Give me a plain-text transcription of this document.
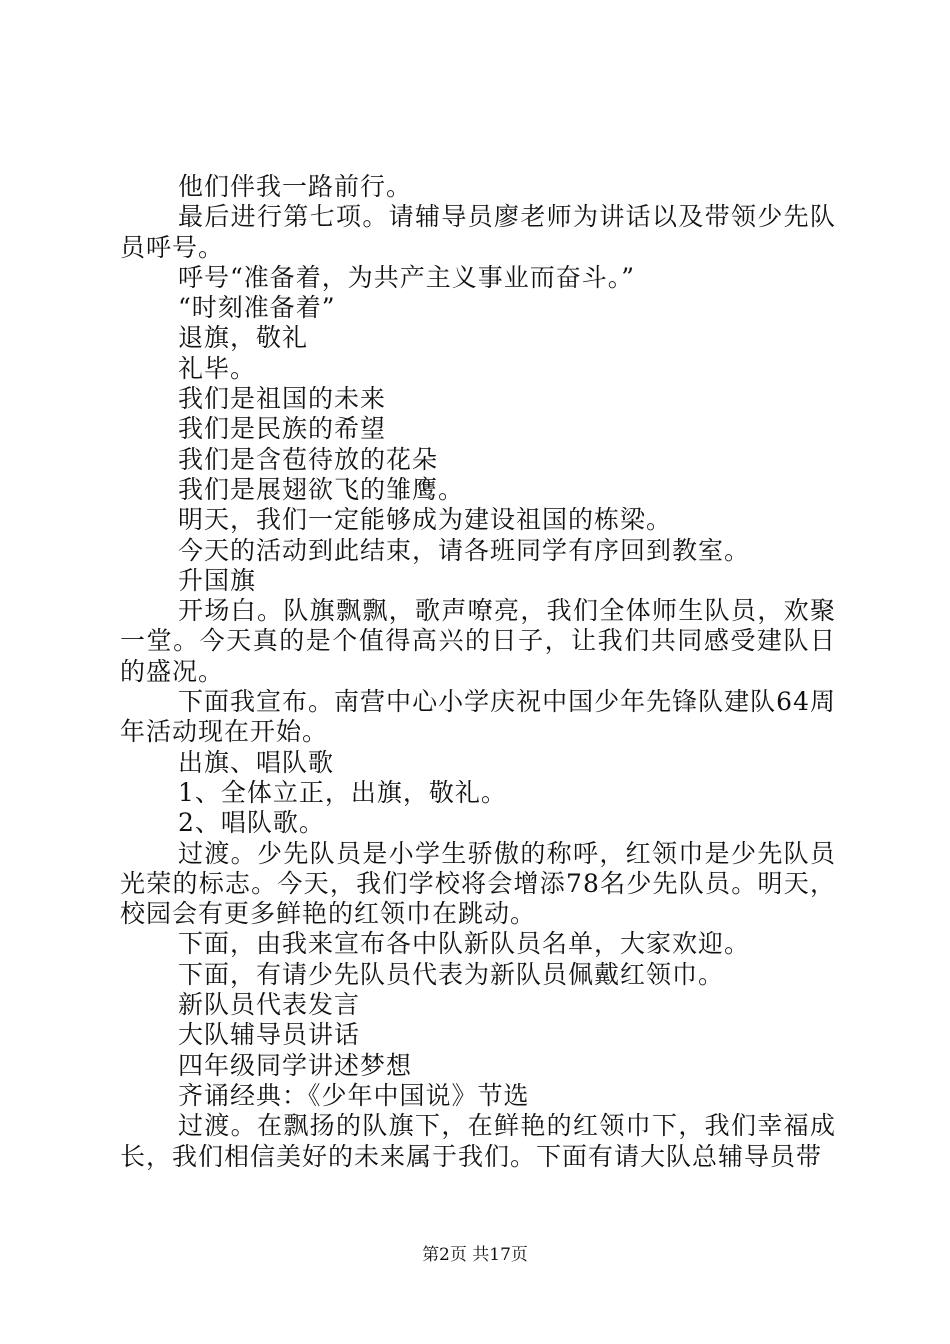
他们伴我一路前行。

最后进行第七项。请辅导员廖老师为讲话以及带领少先队员呼号。

呼号“准备着，为共产主义事业而奋斗。”

“时刻准备着”

退旗，敬礼

礼毕。

我们是祖国的未来

我们是民族的希望

我们是含苞待放的花朵

我们是展翅欲飞的雏鹰。

明天，我们一定能够成为建设祖国的栋梁。

今天的活动到此结束，请各班同学有序回到教室。

升国旗

开场白。队旗飘飘，歌声嘹亮，我们全体师生队员，欢聚一堂。今天真的是个值得高兴的日子，让我们共同感受建队日的盛况。

下面我宣布。南营中心小学庆祝中国少年先锋队建队64周年活动现在开始。

出旗、唱队歌

1、全体立正，出旗，敬礼。

2、唱队歌。

过渡。少先队员是小学生骄傲的称呼，红领巾是少先队员光荣的标志。今天，我们学校将会增添78名少先队员。明天，校园会有更多鲜艳的红领巾在跳动。

下面，由我来宣布各中队新队员名单，大家欢迎。

下面，有请少先队员代表为新队员佩戴红领巾。

新队员代表发言

大队辅导员讲话

四年级同学讲述梦想

齐诵经典：《少年中国说》节选

过渡。在飘扬的队旗下，在鲜艳的红领巾下，我们幸福成长，我们相信美好的未来属于我们。下面有请大队总辅导员带

第2页 共17页
